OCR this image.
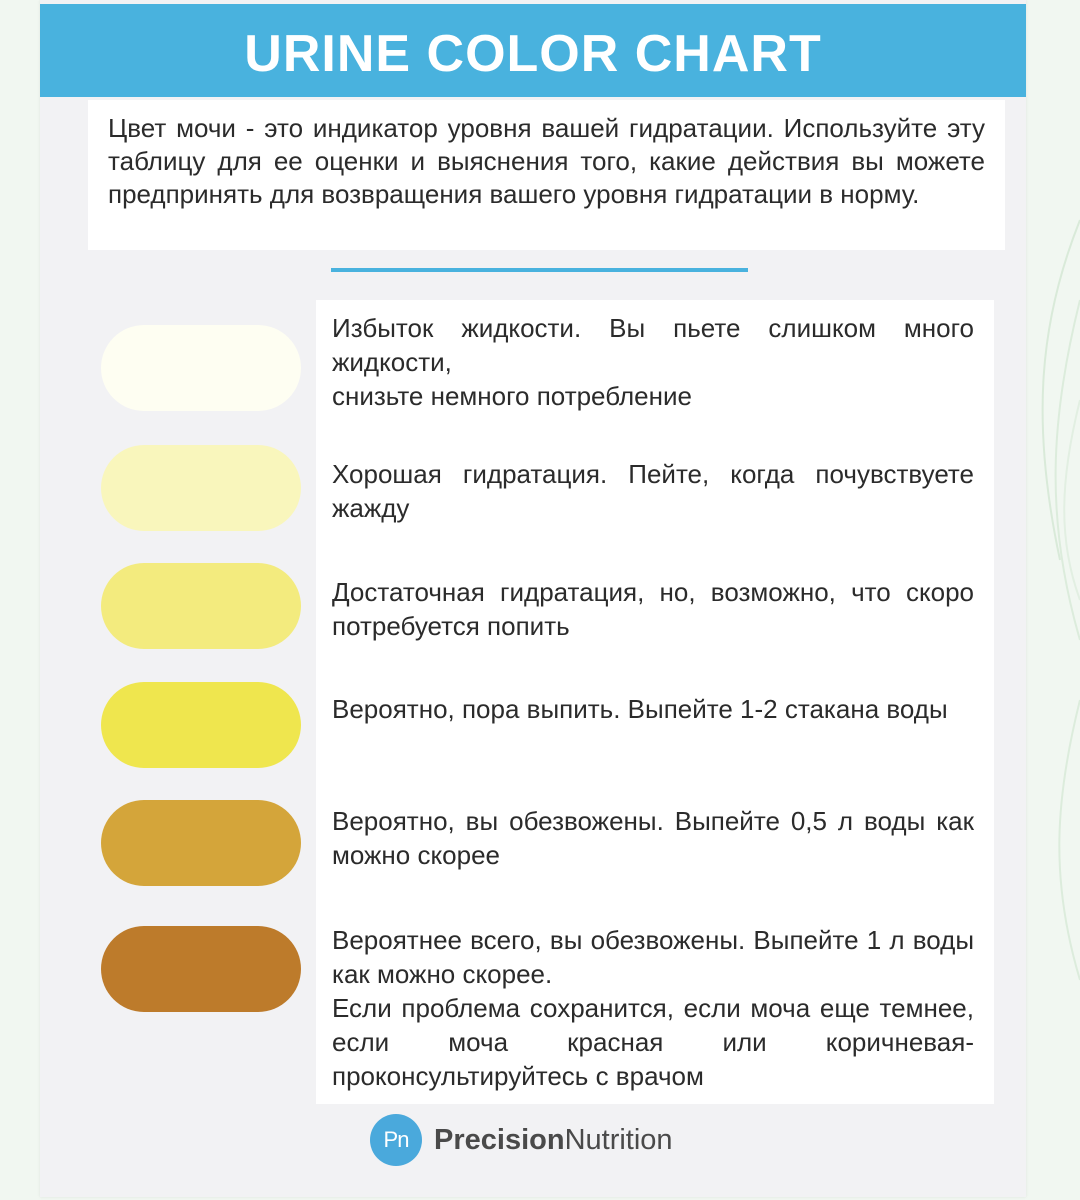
URINE COLOR CHART
Цвет мочи - это индикатор уровня вашей гидратации. Используйте эту таблицу для ее оценки и выяснения того, какие действия вы можете предпринять для возвращения вашего уровня гидратации в норму.
Избыток жидкости. Вы пьете слишком много жидкости,
снизьте немного потребление
Хорошая гидратация. Пейте, когда почувствуете жажду
Достаточная гидратация, но, возможно, что скоро потребуется попить
Вероятно, пора выпить. Выпейте 1-2 стакана воды
Вероятно, вы обезвожены. Выпейте 0,5 л воды как можно скорее
Вероятнее всего, вы обезвожены. Выпейте 1 л воды как можно скорее.
Если проблема сохранится, если моча еще темнее, если моча красная или коричневая- проконсультируйтесь с врачом
Pn PrecisionNutrition
